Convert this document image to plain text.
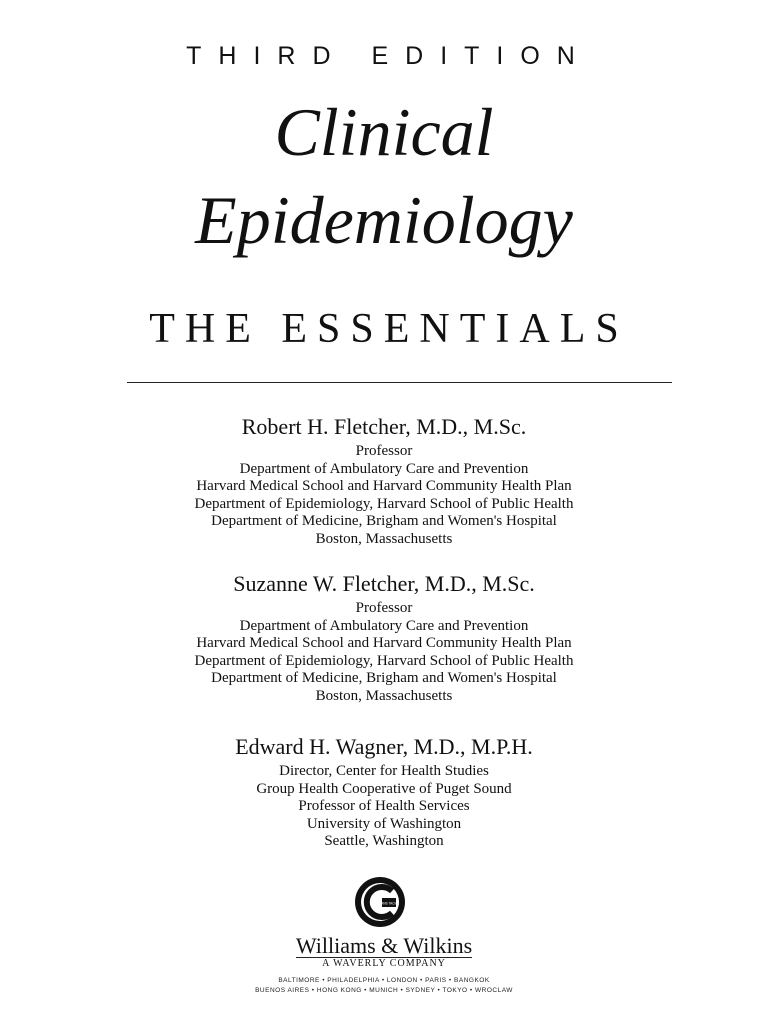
THIRD EDITION
Clinical
Epidemiology
THE ESSENTIALS
Robert H. Fletcher, M.D., M.Sc.
Professor
Department of Ambulatory Care and Prevention
Harvard Medical School and Harvard Community Health Plan
Department of Epidemiology, Harvard School of Public Health
Department of Medicine, Brigham and Women's Hospital
Boston, Massachusetts
Suzanne W. Fletcher, M.D., M.Sc.
Professor
Department of Ambulatory Care and Prevention
Harvard Medical School and Harvard Community Health Plan
Department of Epidemiology, Harvard School of Public Health
Department of Medicine, Brigham and Women's Hospital
Boston, Massachusetts
Edward H. Wagner, M.D., M.P.H.
Director, Center for Health Studies
Group Health Cooperative of Puget Sound
Professor of Health Services
University of Washington
Seattle, Washington
SANS TACHE
Williams & Wilkins
A WAVERLY COMPANY
BALTIMORE • PHILADELPHIA • LONDON • PARIS • BANGKOK
BUENOS AIRES • HONG KONG • MUNICH • SYDNEY • TOKYO • WROCLAW
